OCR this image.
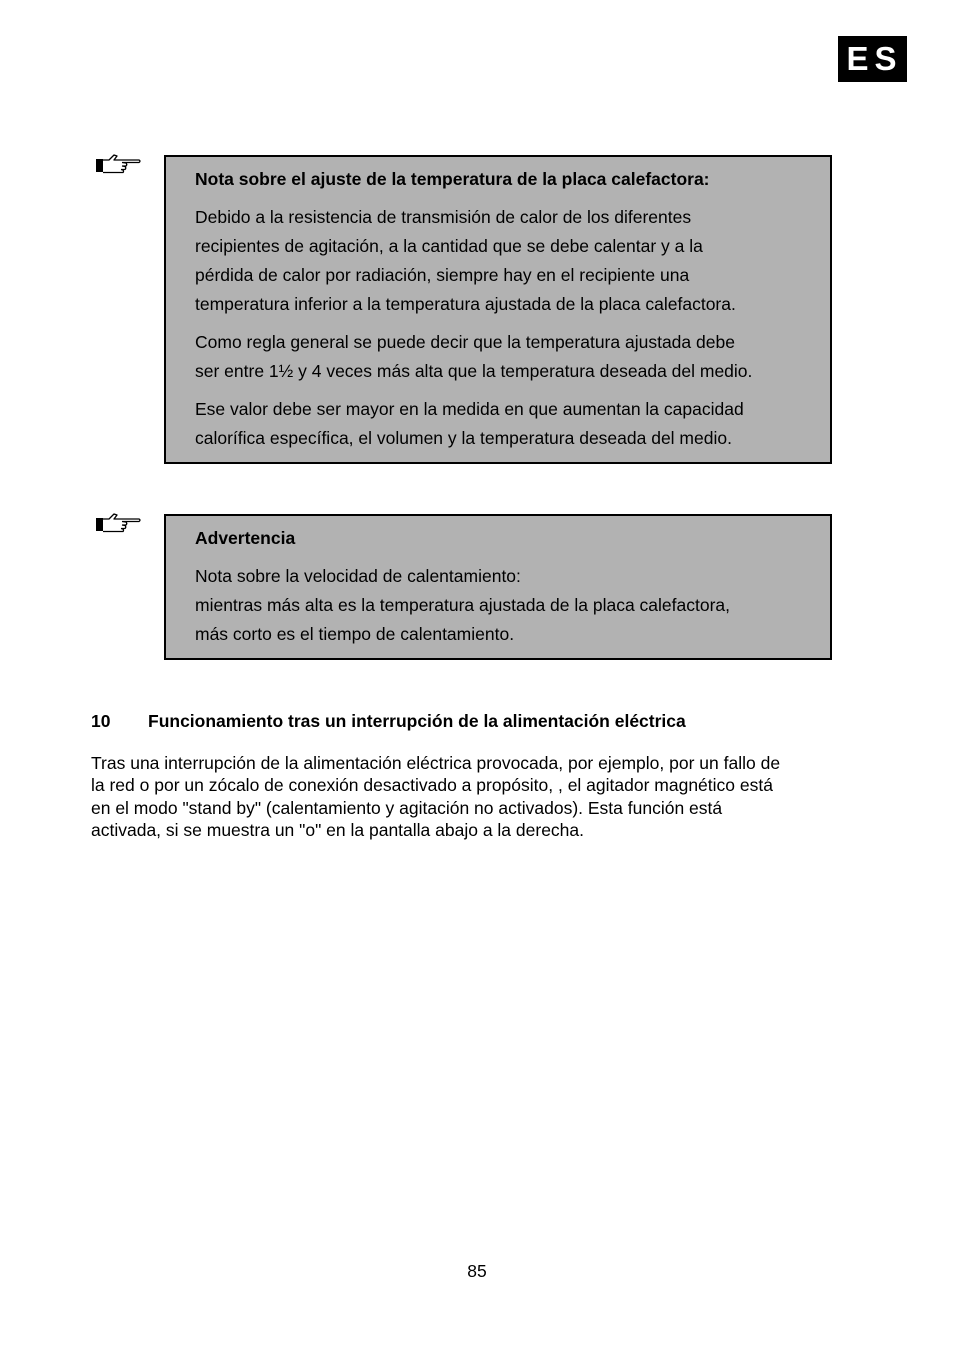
ES
Nota sobre el ajuste de la temperatura de la placa calefactora:

Debido a la resistencia de transmisión de calor de los diferentes
recipientes de agitación, a la cantidad que se debe calentar y a la
pérdida de calor por radiación, siempre hay en el recipiente una
temperatura inferior a la temperatura ajustada de la placa calefactora.

Como regla general se puede decir que la temperatura ajustada debe
ser entre 1½ y 4 veces más alta que la temperatura deseada del medio.

Ese valor debe ser mayor en la medida en que aumentan la capacidad
calorífica específica, el volumen y la temperatura deseada del medio.

Advertencia

Nota sobre la velocidad de calentamiento:
mientras más alta es la temperatura ajustada de la placa calefactora,
más corto es el tiempo de calentamiento.

10 Funcionamiento tras un interrupción de la alimentación eléctrica

Tras una interrupción de la alimentación eléctrica provocada, por ejemplo, por un fallo de
la red o por un zócalo de conexión desactivado a propósito, , el agitador magnético está
en el modo "stand by" (calentamiento y agitación no activados). Esta función está
activada, si se muestra un "o" en la pantalla abajo a la derecha.

85
